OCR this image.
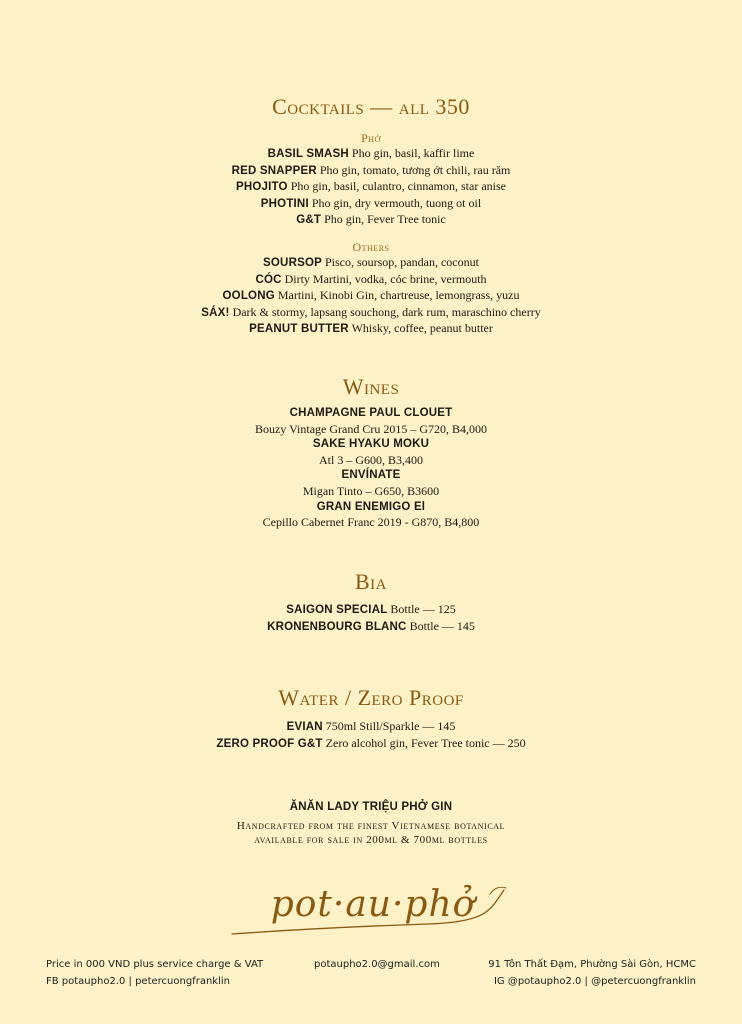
Cocktails — all 350
Phở
BASIL SMASH Pho gin, basil, kaffir lime
RED SNAPPER Pho gin, tomato, tương ớt chili, rau răm
PHOJITO Pho gin, basil, culantro, cinnamon, star anise
PHOTINI Pho gin, dry vermouth, tuong ot oil
G&T Pho gin, Fever Tree tonic
Others
SOURSOP Pisco, soursop, pandan, coconut
CÓC Dirty Martini, vodka, cóc brine, vermouth
OOLONG Martini, Kinobi Gin, chartreuse, lemongrass, yuzu
SÁX! Dark & stormy, lapsang souchong, dark rum, maraschino cherry
PEANUT BUTTER Whisky, coffee, peanut butter
Wines
CHAMPAGNE PAUL CLOUET
Bouzy Vintage Grand Cru 2015 – G720, B4,000
SAKE HYAKU MOKU
Atl 3 – G600, B3,400
ENVÍNATE
Migan Tinto – G650, B3600
GRAN ENEMIGO El
Cepillo Cabernet Franc 2019 - G870, B4,800
Bia
SAIGON SPECIAL Bottle — 125
KRONENBOURG BLANC Bottle — 145
Water / Zero Proof
EVIAN 750ml Still/Sparkle — 145
ZERO PROOF G&T Zero alcohol gin, Fever Tree tonic — 250
ĂNĂN LADY TRIỆU PHỞ GIN
Handcrafted from the finest Vietnamese botanical
available for sale in 200ml & 700ml bottles
pot·au·phở
Price in 000 VND plus service charge & VAT
FB potaupho2.0 | petercuongfranklin
potaupho2.0@gmail.com	91 Tôn Thất Đạm, Phường Sài Gòn, HCMC
IG @potaupho2.0 | @petercuongfranklin
